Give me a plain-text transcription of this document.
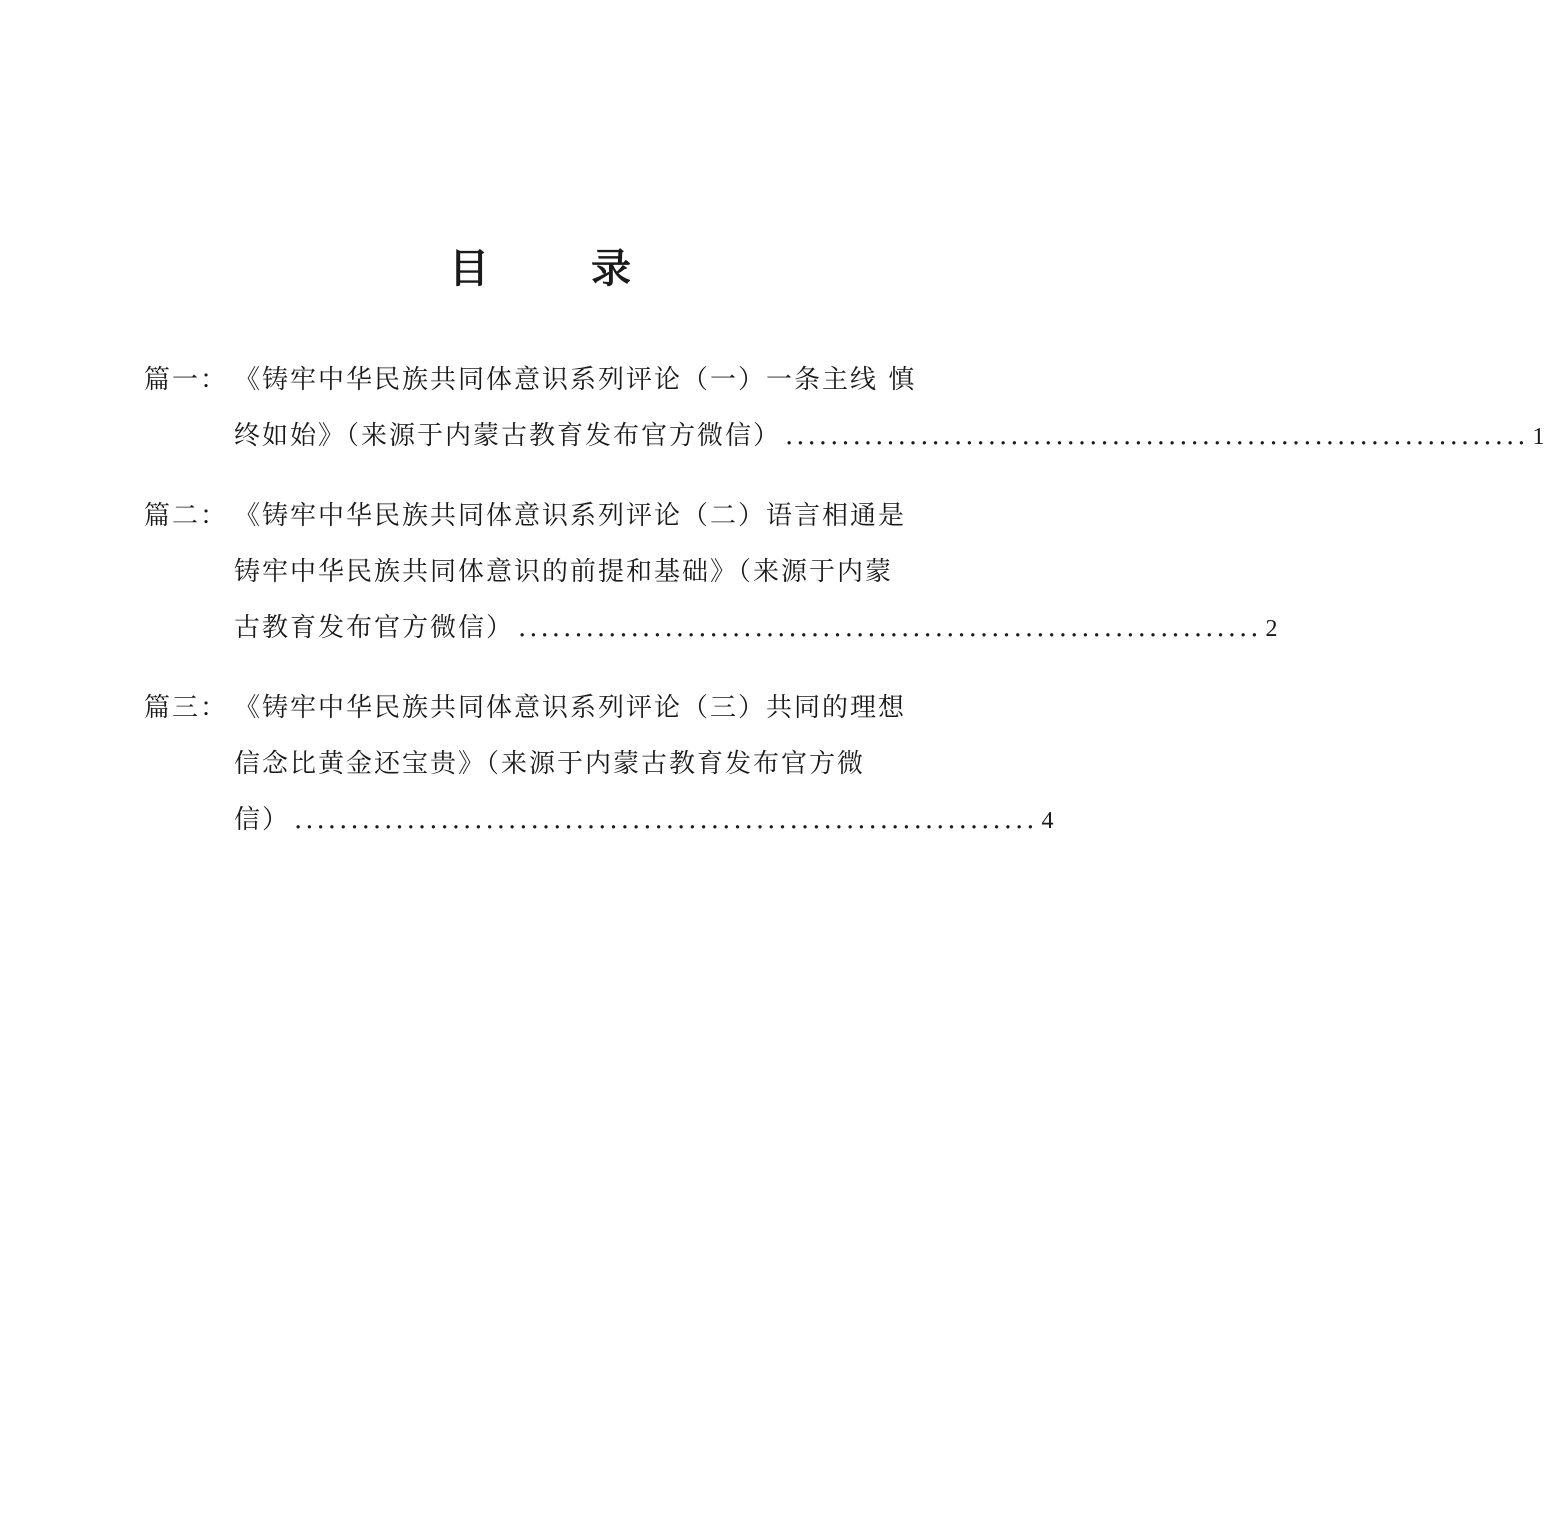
目 录
篇一： 《铸牢中华民族共同体意识系列评论（一）一条主线 慎
终如始》（来源于内蒙古教育发布官方微信） .................................................................. 1
篇二： 《铸牢中华民族共同体意识系列评论（二）语言相通是
铸牢中华民族共同体意识的前提和基础》（来源于内蒙
古教育发布官方微信） .................................................................. 2
篇三： 《铸牢中华民族共同体意识系列评论（三）共同的理想
信念比黄金还宝贵》（来源于内蒙古教育发布官方微
信） .................................................................. 4
